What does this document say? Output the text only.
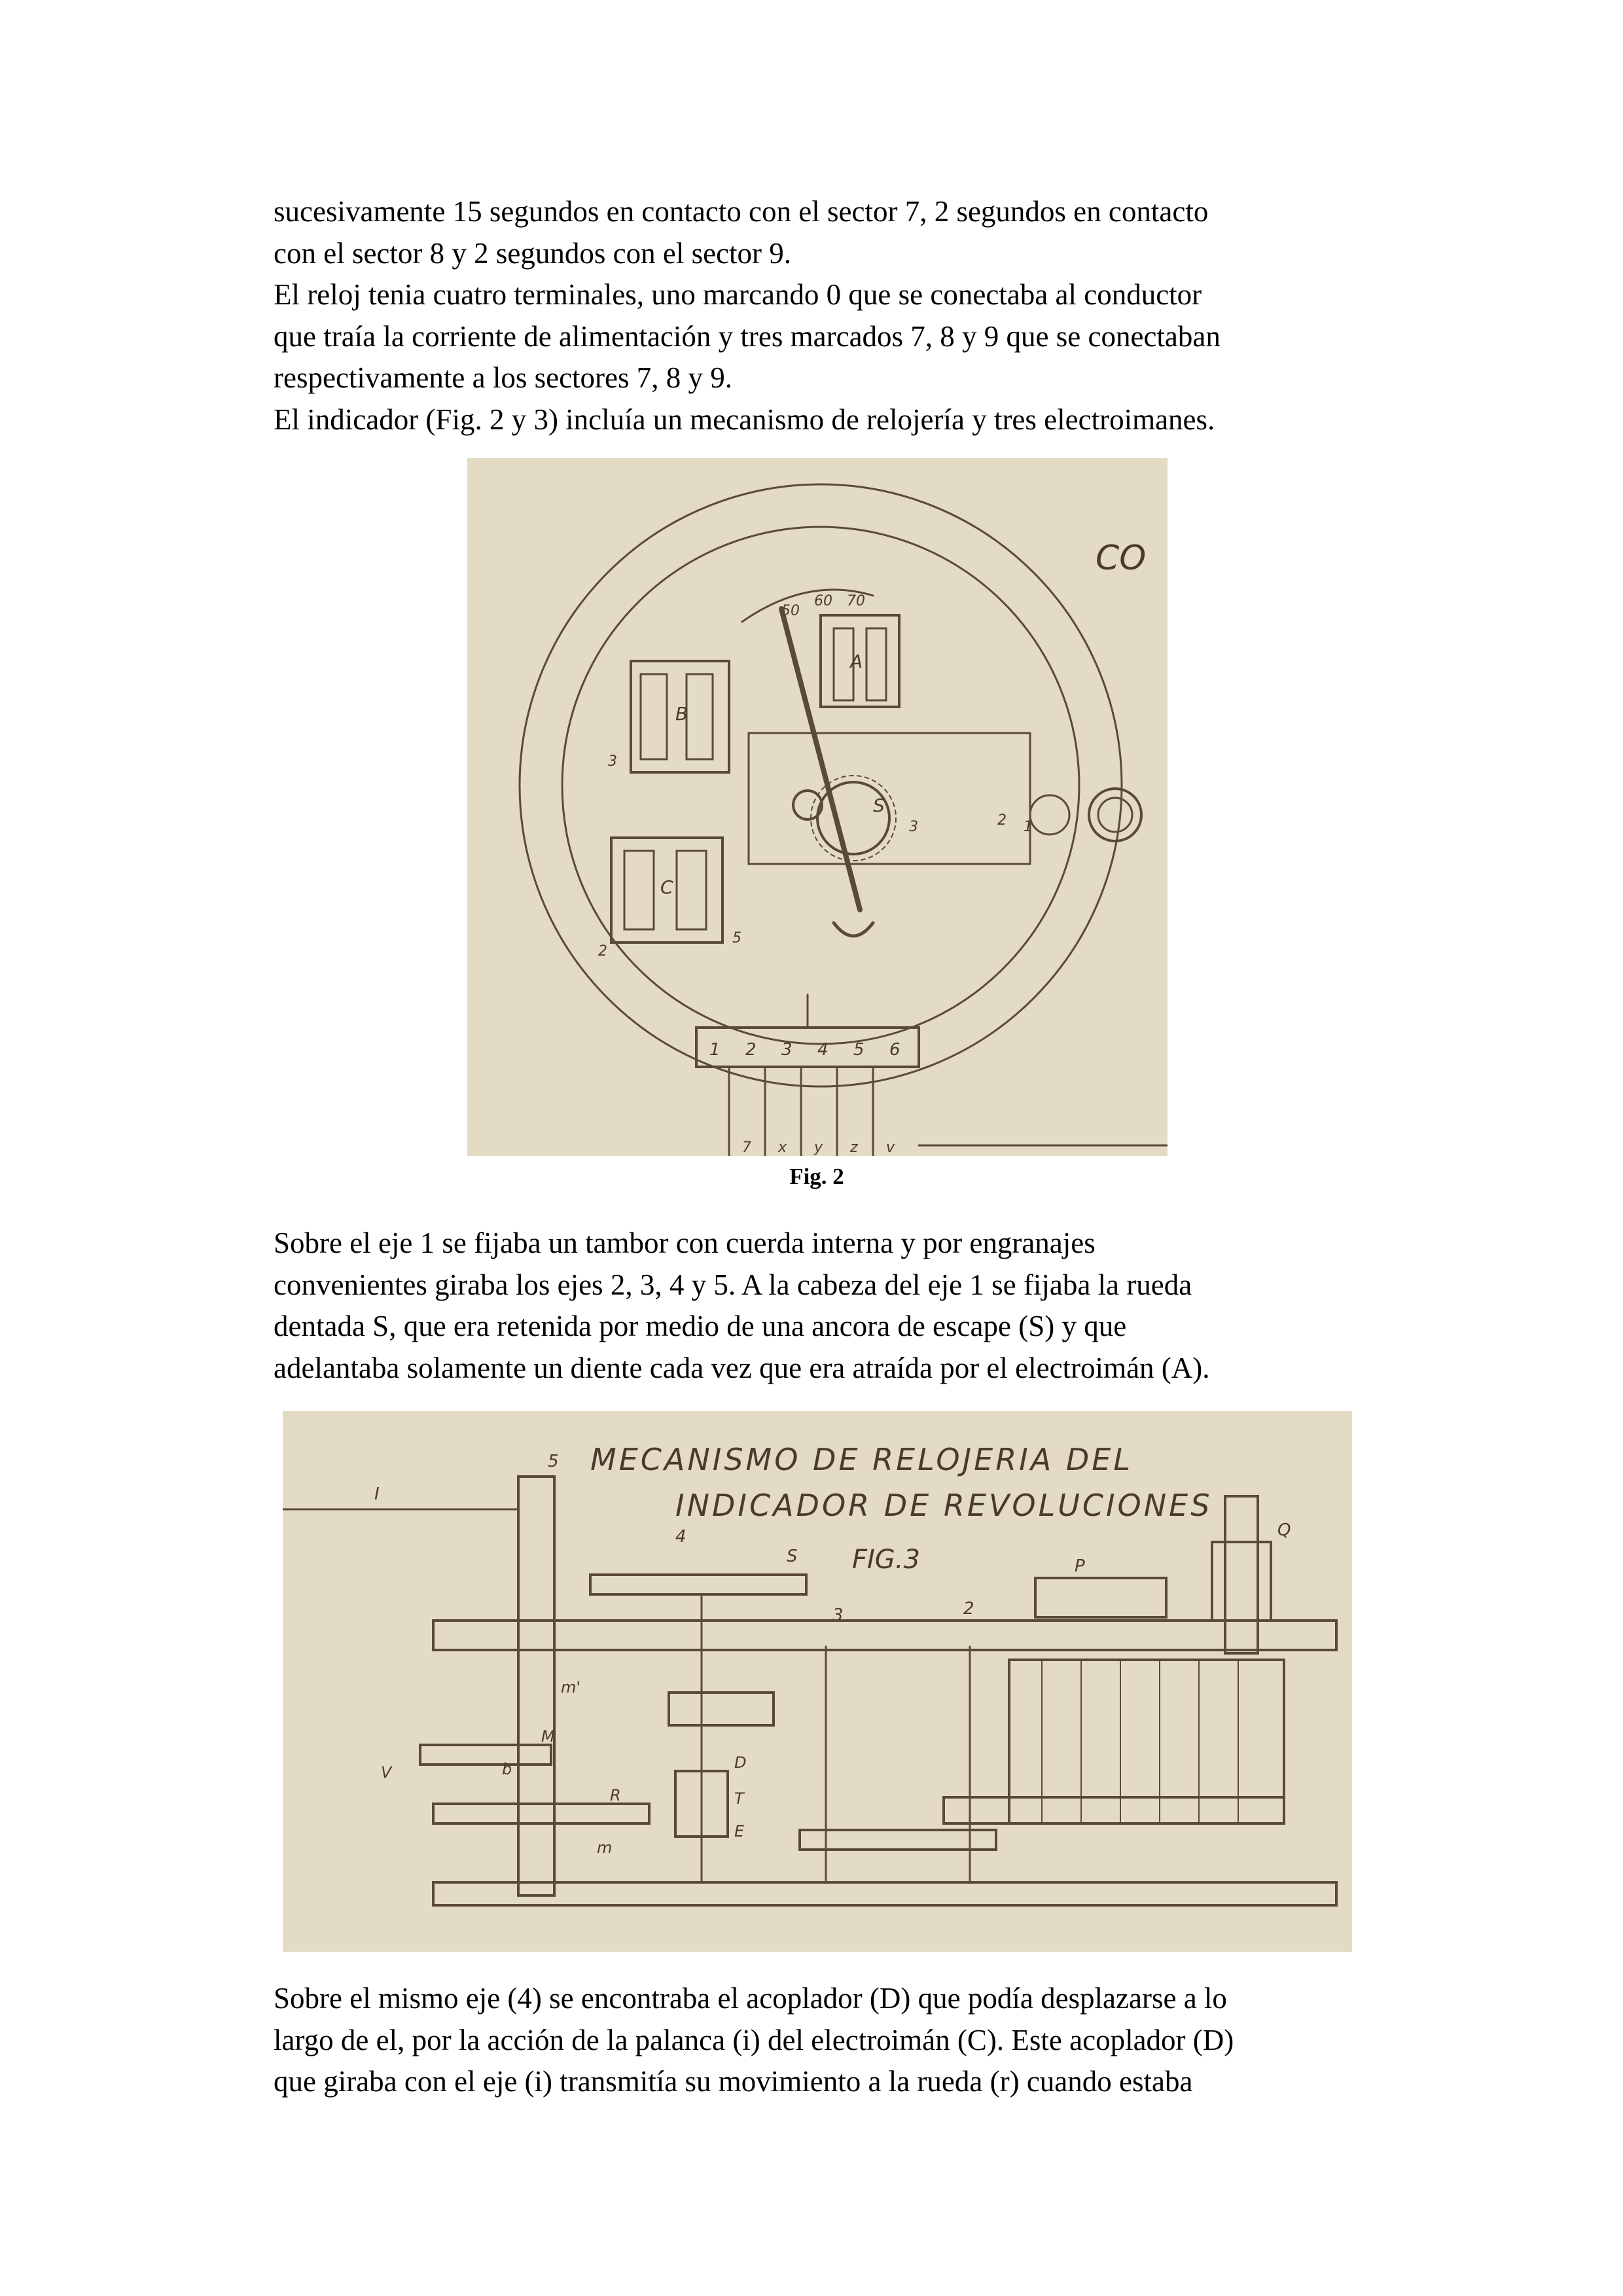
sucesivamente 15 segundos en contacto con el sector 7, 2 segundos en contacto
con el sector 8 y 2 segundos con el sector 9.
El reloj tenia cuatro terminales, uno marcando 0 que se conectaba al conductor
que traía la corriente de alimentación y tres marcados 7, 8 y 9 que se conectaban
respectivamente a los sectores 7, 8 y 9.
El indicador (Fig. 2 y 3) incluía un mecanismo de relojería y tres electroimanes.
CO
50
60 70
A
B
C
S
3
2
5
1
2
3
1 2 3 4 5 6
7 x y z v
Fig. 2
Sobre el eje 1 se fijaba un tambor con cuerda interna y por engranajes
convenientes giraba los ejes 2, 3, 4 y 5. A la cabeza del eje 1 se fijaba la rueda
dentada S, que era retenida por medio de una ancora de escape (S) y que
adelantaba solamente un diente cada vez que era atraída por el electroimán (A).
MECANISMO DE RELOJERIA DEL
INDICADOR DE REVOLUCIONES
FIG.3
I
5
4
S
3	2
P
Q
m'
M
b
V
R
m
T
D
E
Sobre el mismo eje (4) se encontraba el acoplador (D) que podía desplazarse a lo
largo de el, por la acción de la palanca (i) del electroimán (C). Este acoplador (D)
que giraba con el eje (i) transmitía su movimiento a la rueda (r) cuando estaba
